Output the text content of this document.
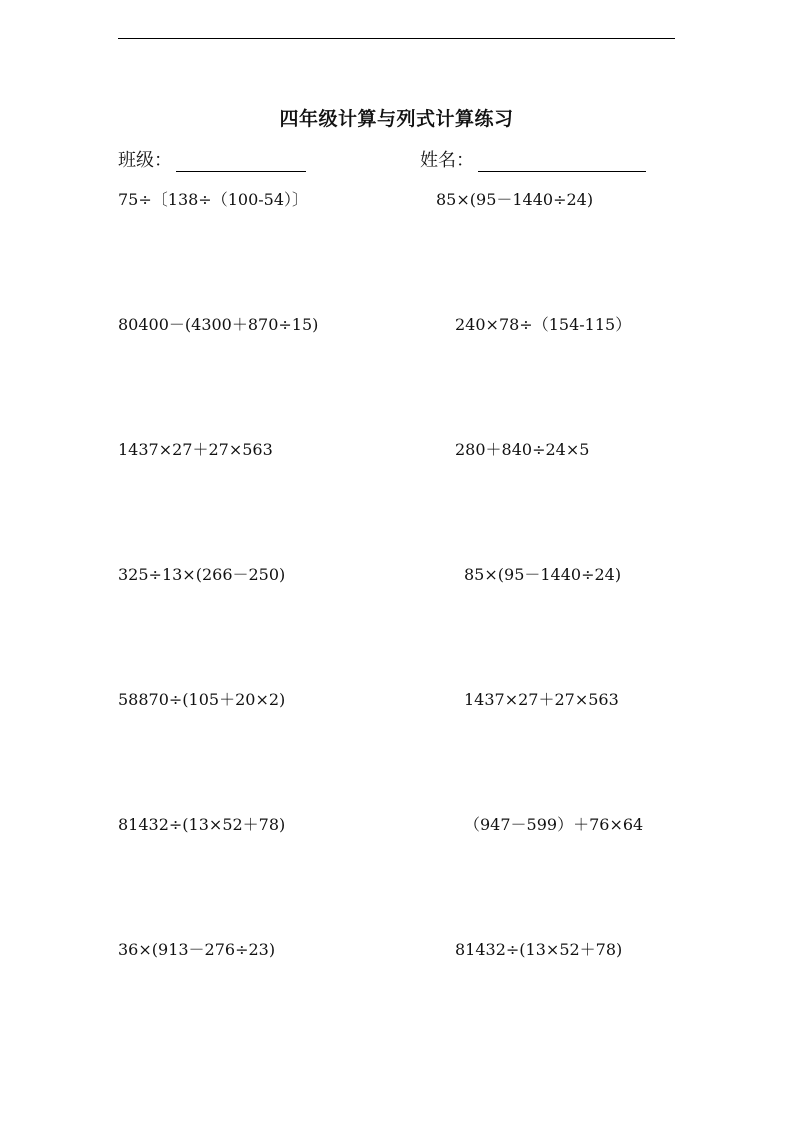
四年级计算与列式计算练习
班级：	姓名：
75÷〔138÷（100-54）〕	85×(95－1440÷24)
80400－(4300＋870÷15)	240×78÷（154-115）
1437×27＋27×563	280＋840÷24×5
325÷13×(266－250)	85×(95－1440÷24)
58870÷(105＋20×2)	1437×27＋27×563
81432÷(13×52＋78)	（947－599）＋76×64
36×(913－276÷23)	81432÷(13×52＋78)
